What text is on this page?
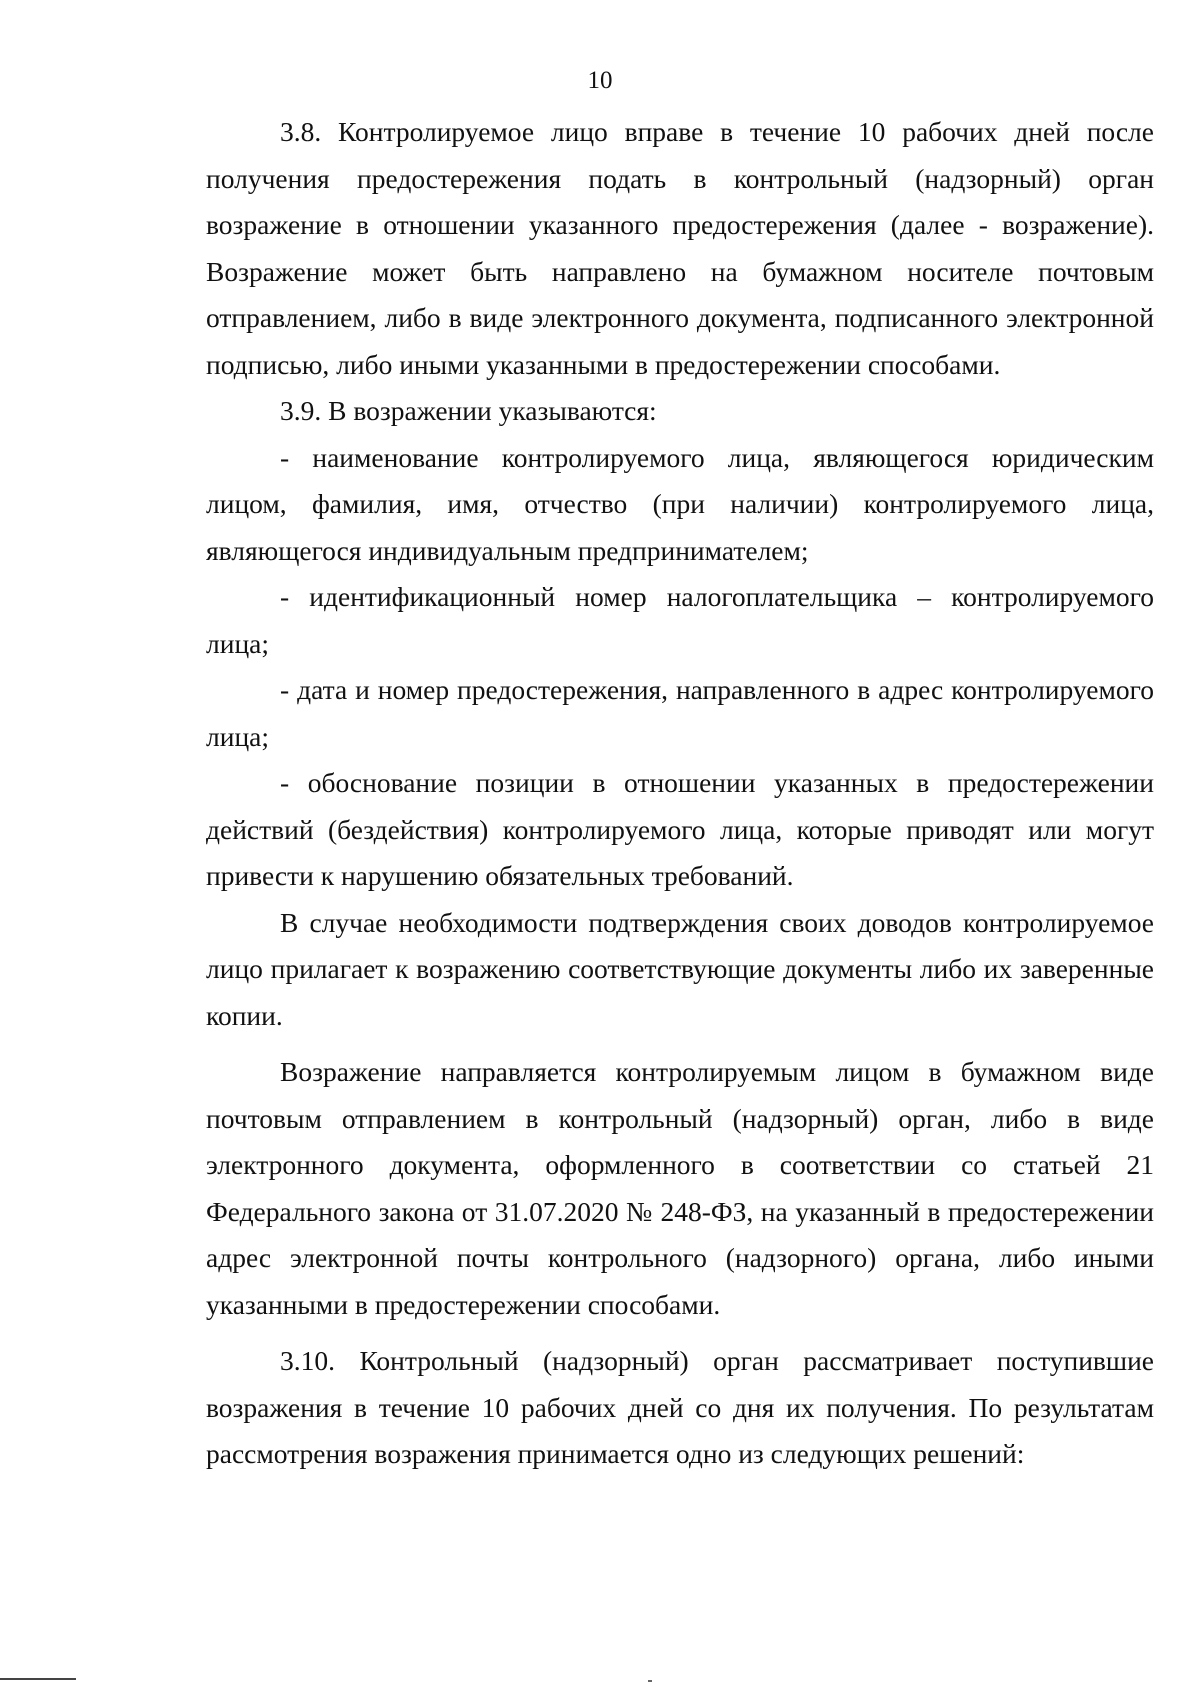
10

3.8. Контролируемое лицо вправе в течение 10 рабочих дней после получения предостережения подать в контрольный (надзорный) орган возражение в отношении указанного предостережения (далее - возражение). Возражение может быть направлено на бумажном носителе почтовым отправлением, либо в виде электронного документа, подписанного электронной подписью, либо иными указанными в предостережении способами.

3.9. В возражении указываются:

- наименование контролируемого лица, являющегося юридическим лицом, фамилия, имя, отчество (при наличии) контролируемого лица, являющегося индивидуальным предпринимателем;

- идентификационный номер налогоплательщика – контролируемого лица;

- дата и номер предостережения, направленного в адрес контролируемого лица;

- обоснование позиции в отношении указанных в предостережении действий (бездействия) контролируемого лица, которые приводят или могут привести к нарушению обязательных требований.

В случае необходимости подтверждения своих доводов контролируемое лицо прилагает к возражению соответствующие документы либо их заверенные копии.

Возражение направляется контролируемым лицом в бумажном виде почтовым отправлением в контрольный (надзорный) орган, либо в виде электронного документа, оформленного в соответствии со статьей 21 Федерального закона от 31.07.2020 № 248-ФЗ, на указанный в предостережении адрес электронной почты контрольного (надзорного) органа, либо иными указанными в предостережении способами.

3.10. Контрольный (надзорный) орган рассматривает поступившие возражения в течение 10 рабочих дней со дня их получения. По результатам рассмотрения возражения принимается одно из следующих решений:
